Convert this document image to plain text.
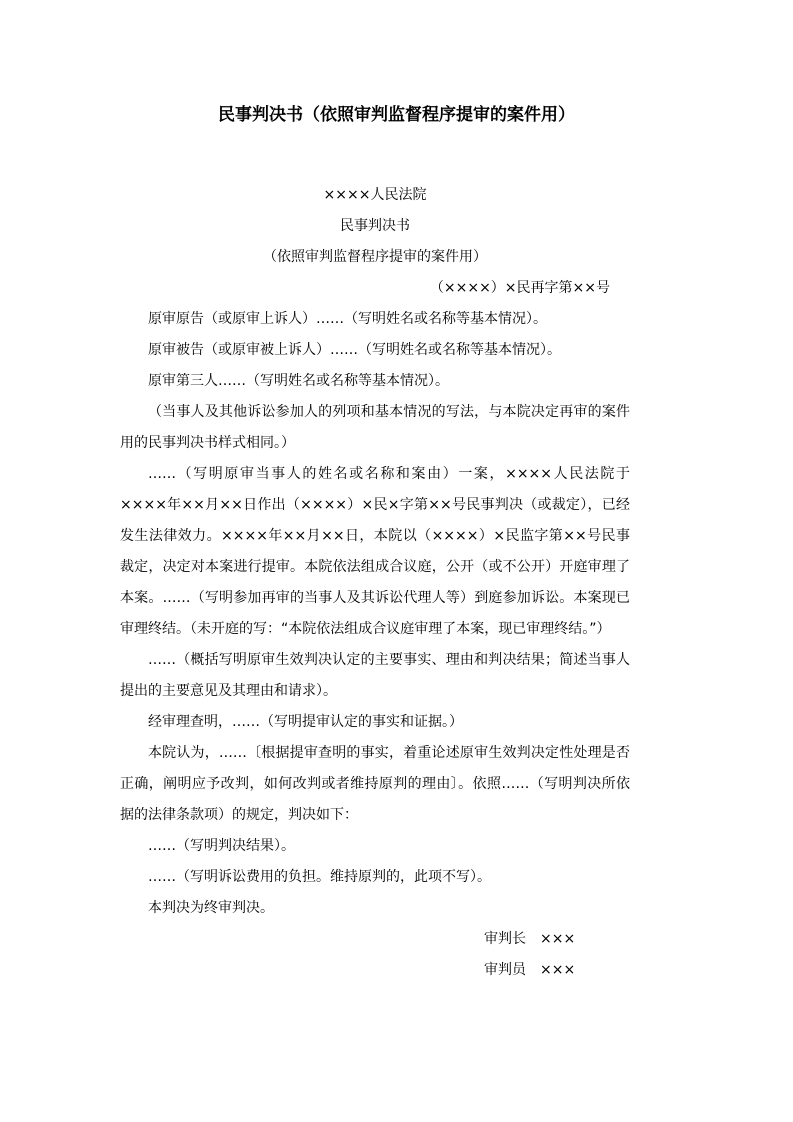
民事判决书（依照审判监督程序提审的案件用）
××××人民法院
民事判决书
（依照审判监督程序提审的案件用）
（××××）×民再字第××号

原审原告（或原审上诉人）……（写明姓名或名称等基本情况）。

原审被告（或原审被上诉人）……（写明姓名或名称等基本情况）。

原审第三人……（写明姓名或名称等基本情况）。

（当事人及其他诉讼参加人的列项和基本情况的写法，与本院决定再审的案件用的民事判决书样式相同。）

……（写明原审当事人的姓名或名称和案由）一案，××××人民法院于××××年××月××日作出（××××）×民×字第××号民事判决（或裁定），已经发生法律效力。××××年××月××日，本院以（××××）×民监字第××号民事裁定，决定对本案进行提审。本院依法组成合议庭，公开（或不公开）开庭审理了本案。……（写明参加再审的当事人及其诉讼代理人等）到庭参加诉讼。本案现已审理终结。（未开庭的写：“本院依法组成合议庭审理了本案，现已审理终结。”）

……（概括写明原审生效判决认定的主要事实、理由和判决结果；简述当事人提出的主要意见及其理由和请求）。

经审理查明，……（写明提审认定的事实和证据。）

本院认为，……〔根据提审查明的事实，着重论述原审生效判决定性处理是否正确，阐明应予改判，如何改判或者维持原判的理由〕。依照……（写明判决所依据的法律条款项）的规定，判决如下：

……（写明判决结果）。

……（写明诉讼费用的负担。维持原判的，此项不写）。

本判决为终审判决。

审判长 ×××
审判员 ×××
